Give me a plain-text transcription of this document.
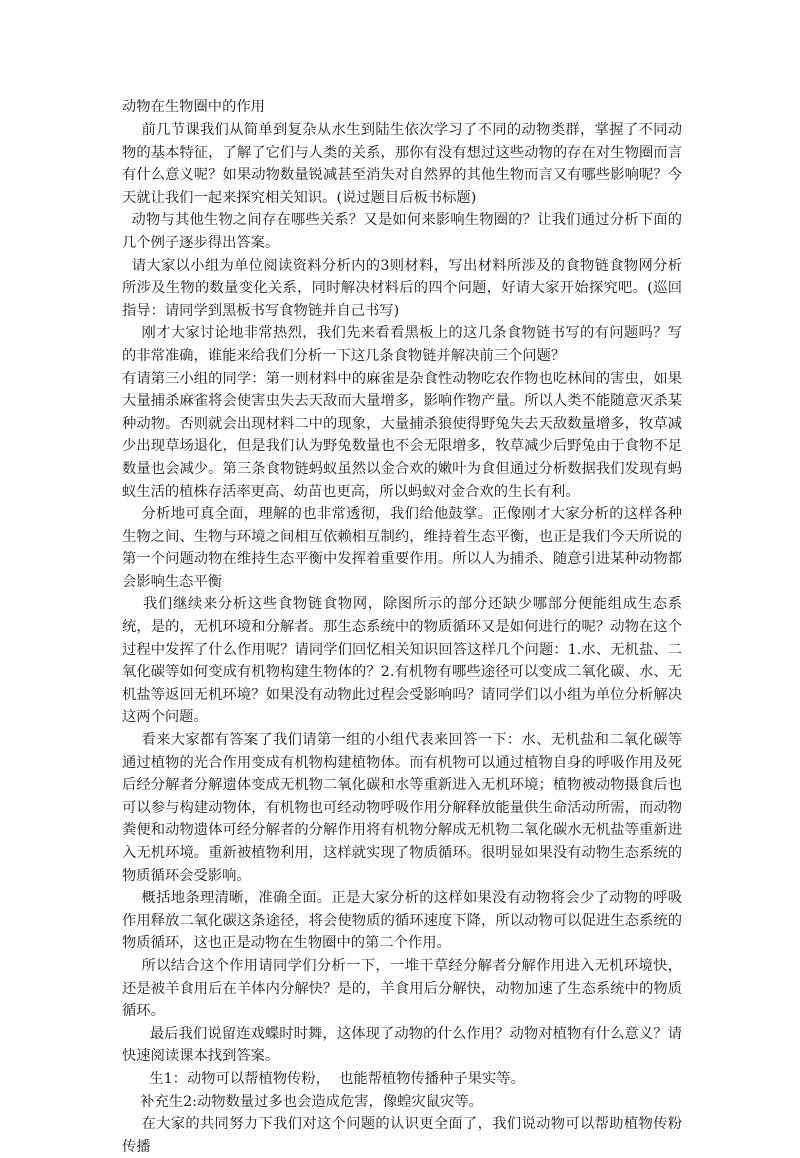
动物在生物圈中的作用

前几节课我们从简单到复杂从水生到陆生依次学习了不同的动物类群，掌握了不同动物的基本特征，了解了它们与人类的关系，那你有没有想过这些动物的存在对生物圈而言有什么意义呢？如果动物数量锐减甚至消失对自然界的其他生物而言又有哪些影响呢？今天就让我们一起来探究相关知识。(说过题目后板书标题)

动物与其他生物之间存在哪些关系？又是如何来影响生物圈的？让我们通过分析下面的几个例子逐步得出答案。

请大家以小组为单位阅读资料分析内的3则材料，写出材料所涉及的食物链食物网分析所涉及生物的数量变化关系，同时解决材料后的四个问题，好请大家开始探究吧。(巡回指导：请同学到黑板书写食物链并自己书写)

刚才大家讨论地非常热烈，我们先来看看黑板上的这几条食物链书写的有问题吗？写的非常准确，谁能来给我们分析一下这几条食物链并解决前三个问题？

有请第三小组的同学：第一则材料中的麻雀是杂食性动物吃农作物也吃林间的害虫，如果大量捕杀麻雀将会使害虫失去天敌而大量增多，影响作物产量。所以人类不能随意灭杀某种动物。否则就会出现材料二中的现象，大量捕杀狼使得野兔失去天敌数量增多，牧草减少出现草场退化，但是我们认为野兔数量也不会无限增多，牧草减少后野兔由于食物不足数量也会减少。第三条食物链蚂蚁虽然以金合欢的嫩叶为食但通过分析数据我们发现有蚂蚁生活的植株存活率更高、幼苗也更高，所以蚂蚁对金合欢的生长有利。

分析地可真全面，理解的也非常透彻，我们给他鼓掌。正像刚才大家分析的这样各种生物之间、生物与环境之间相互依赖相互制约，维持着生态平衡，也正是我们今天所说的第一个问题动物在维持生态平衡中发挥着重要作用。所以人为捕杀、随意引进某种动物都会影响生态平衡

我们继续来分析这些食物链食物网，除图所示的部分还缺少哪部分便能组成生态系统，是的，无机环境和分解者。那生态系统中的物质循环又是如何进行的呢？动物在这个过程中发挥了什么作用呢？请同学们回忆相关知识回答这样几个问题：1.水、无机盐、二氧化碳等如何变成有机物构建生物体的？2.有机物有哪些途径可以变成二氧化碳、水、无机盐等返回无机环境？如果没有动物此过程会受影响吗？请同学们以小组为单位分析解决这两个问题。

看来大家都有答案了我们请第一组的小组代表来回答一下：水、无机盐和二氧化碳等通过植物的光合作用变成有机物构建植物体。而有机物可以通过植物自身的呼吸作用及死后经分解者分解遗体变成无机物二氧化碳和水等重新进入无机环境；植物被动物摄食后也可以参与构建动物体，有机物也可经动物呼吸作用分解释放能量供生命活动所需，而动物粪便和动物遗体可经分解者的分解作用将有机物分解成无机物二氧化碳水无机盐等重新进入无机环境。重新被植物利用，这样就实现了物质循环。很明显如果没有动物生态系统的物质循环会受影响。

概括地条理清晰，准确全面。正是大家分析的这样如果没有动物将会少了动物的呼吸作用释放二氧化碳这条途径，将会使物质的循环速度下降，所以动物可以促进生态系统的物质循环，这也正是动物在生物圈中的第二个作用。

所以结合这个作用请同学们分析一下，一堆干草经分解者分解作用进入无机环境快，还是被羊食用后在羊体内分解快？是的，羊食用后分解快，动物加速了生态系统中的物质循环。

最后我们说留连戏蝶时时舞，这体现了动物的什么作用？动物对植物有什么意义？请快速阅读课本找到答案。

生1：动物可以帮植物传粉，  也能帮植物传播种子果实等。

补充生2:动物数量过多也会造成危害，像蝗灾鼠灾等。

在大家的共同努力下我们对这个问题的认识更全面了，我们说动物可以帮助植物传粉传播
